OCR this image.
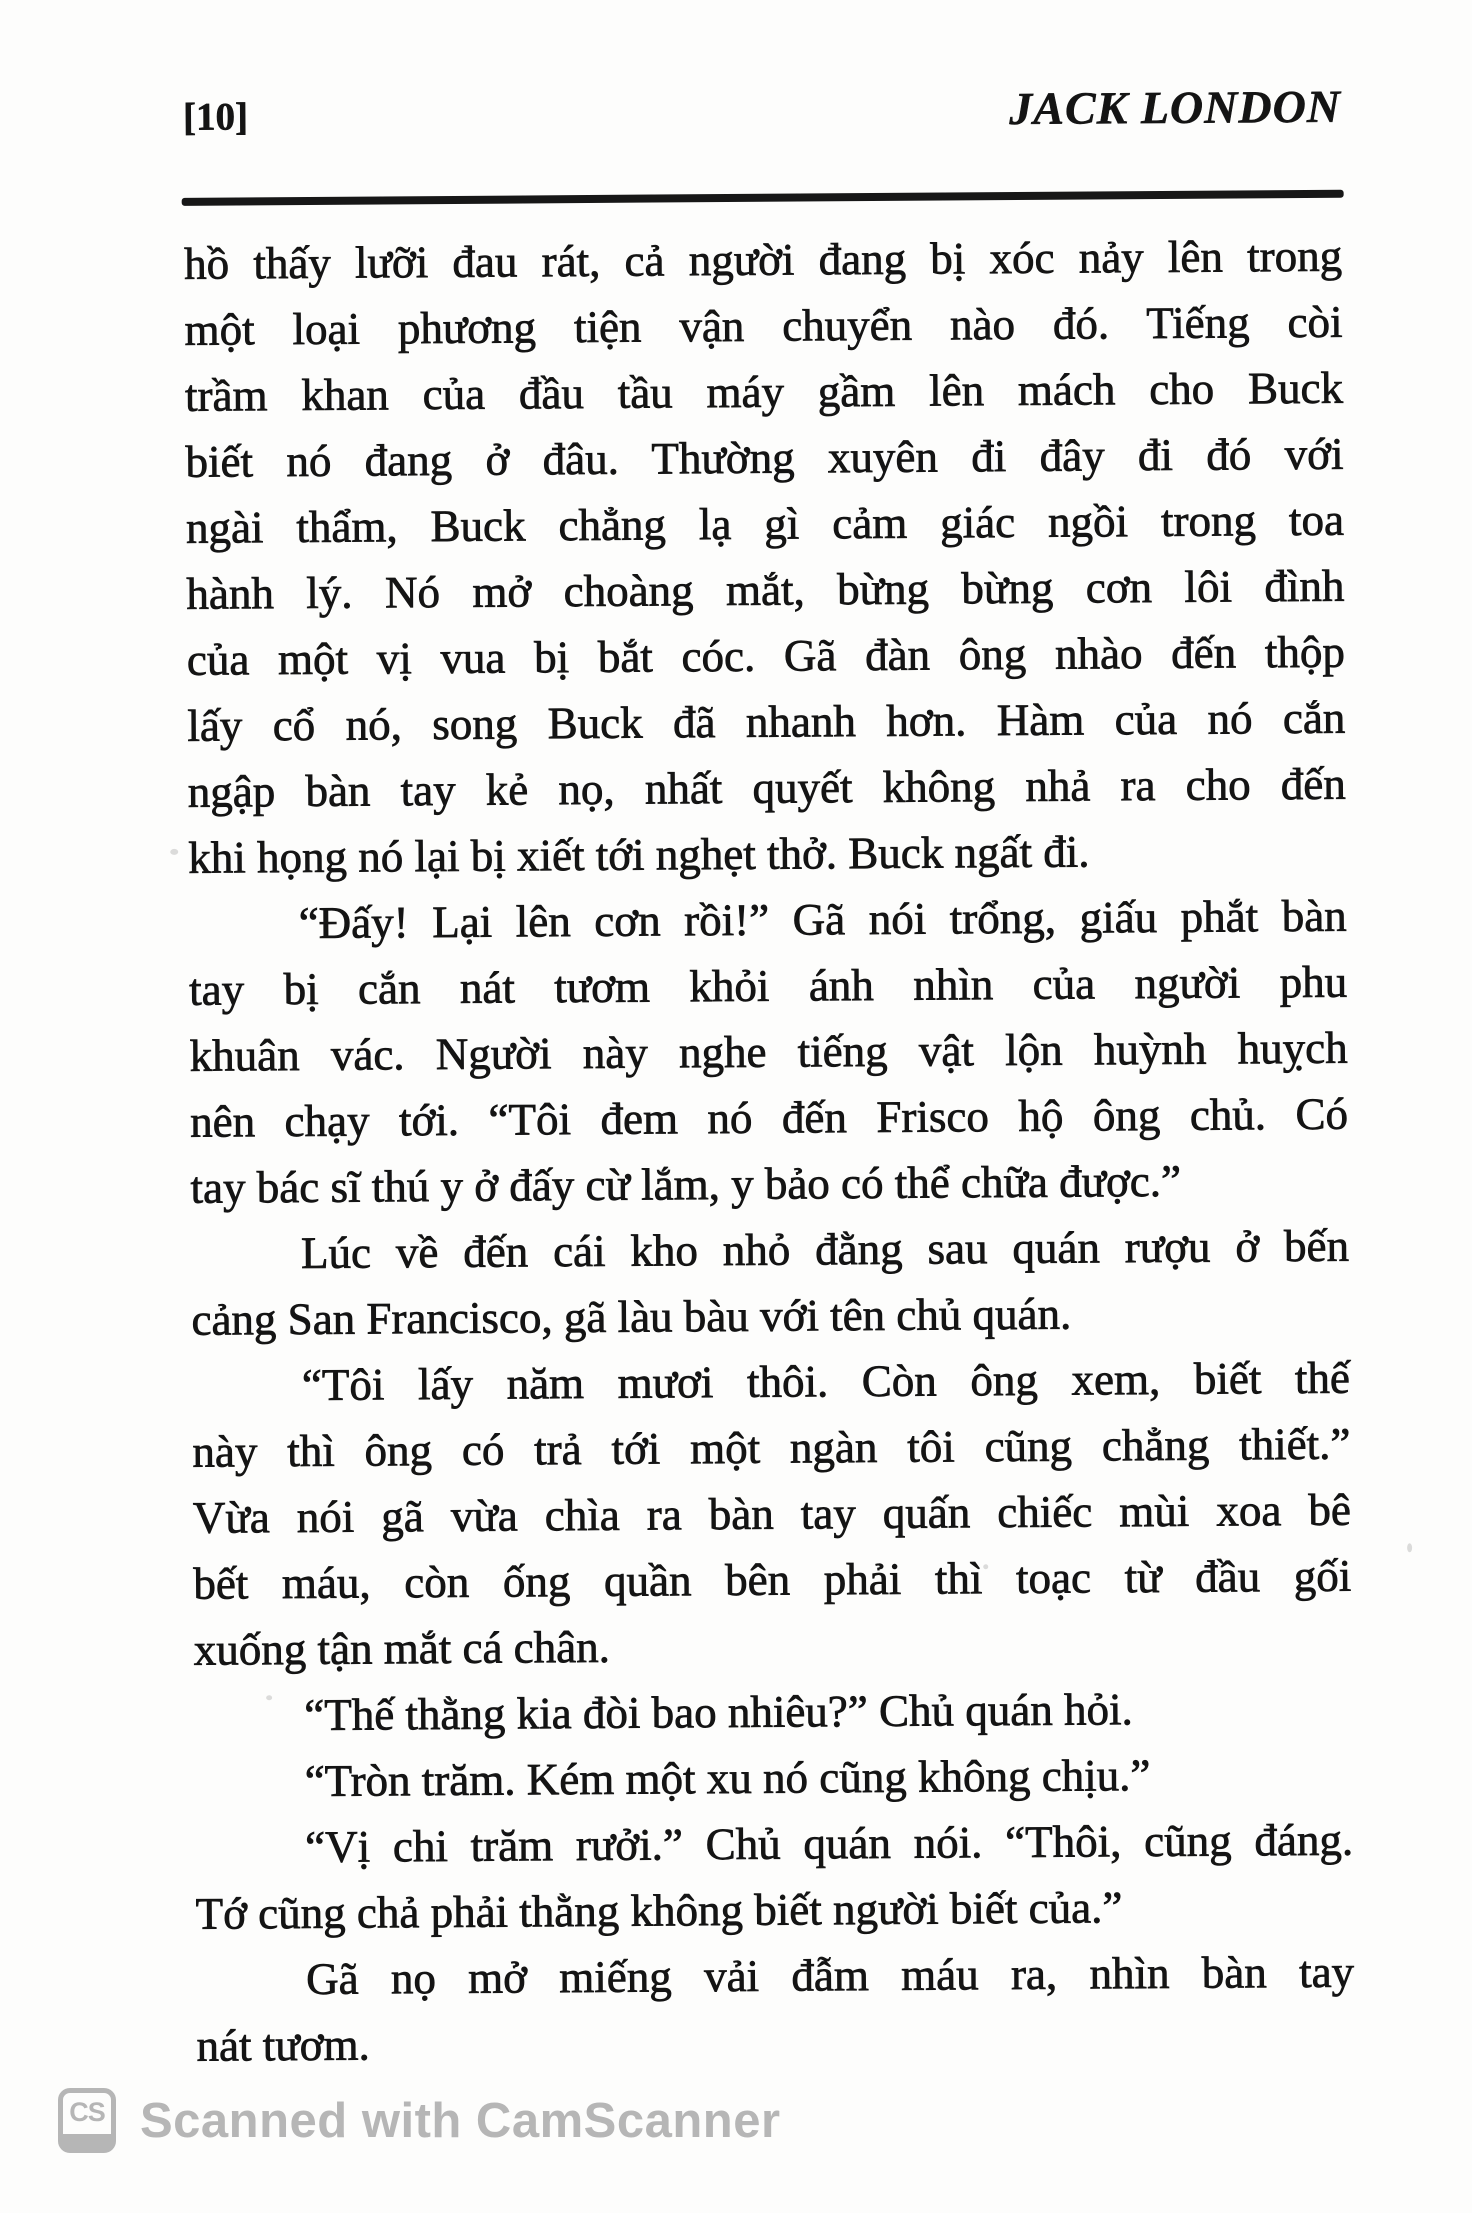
[10]	JACK LONDON
hồ thấy lưỡi đau rát, cả người đang bị xóc nảy lên trong
một loại phương tiện vận chuyển nào đó. Tiếng còi
trầm khan của đầu tầu máy gầm lên mách cho Buck
biết nó đang ở đâu. Thường xuyên đi đây đi đó với
ngài thẩm, Buck chẳng lạ gì cảm giác ngồi trong toa
hành lý. Nó mở choàng mắt, bừng bừng cơn lôi đình
của một vị vua bị bắt cóc. Gã đàn ông nhào đến thộp
lấy cổ nó, song Buck đã nhanh hơn. Hàm của nó cắn
ngập bàn tay kẻ nọ, nhất quyết không nhả ra cho đến
khi họng nó lại bị xiết tới nghẹt thở. Buck ngất đi.
“Đấy! Lại lên cơn rồi!” Gã nói trổng, giấu phắt bàn
tay bị cắn nát tươm khỏi ánh nhìn của người phu
khuân vác. Người này nghe tiếng vật lộn huỳnh huỵch
nên chạy tới. “Tôi đem nó đến Frisco hộ ông chủ. Có
tay bác sĩ thú y ở đấy cừ lắm, y bảo có thể chữa được.”
Lúc về đến cái kho nhỏ đằng sau quán rượu ở bến
cảng San Francisco, gã làu bàu với tên chủ quán.
“Tôi lấy năm mươi thôi. Còn ông xem, biết thế
này thì ông có trả tới một ngàn tôi cũng chẳng thiết.”
Vừa nói gã vừa chìa ra bàn tay quấn chiếc mùi xoa bê
bết máu, còn ống quần bên phải thì toạc từ đầu gối
xuống tận mắt cá chân.
“Thế thằng kia đòi bao nhiêu?” Chủ quán hỏi.
“Tròn trăm. Kém một xu nó cũng không chịu.”
“Vị chi trăm rưởi.” Chủ quán nói. “Thôi, cũng đáng.
Tớ cũng chả phải thằng không biết người biết của.”
Gã nọ mở miếng vải đẫm máu ra, nhìn bàn tay
nát tươm.
CS Scanned with CamScanner
